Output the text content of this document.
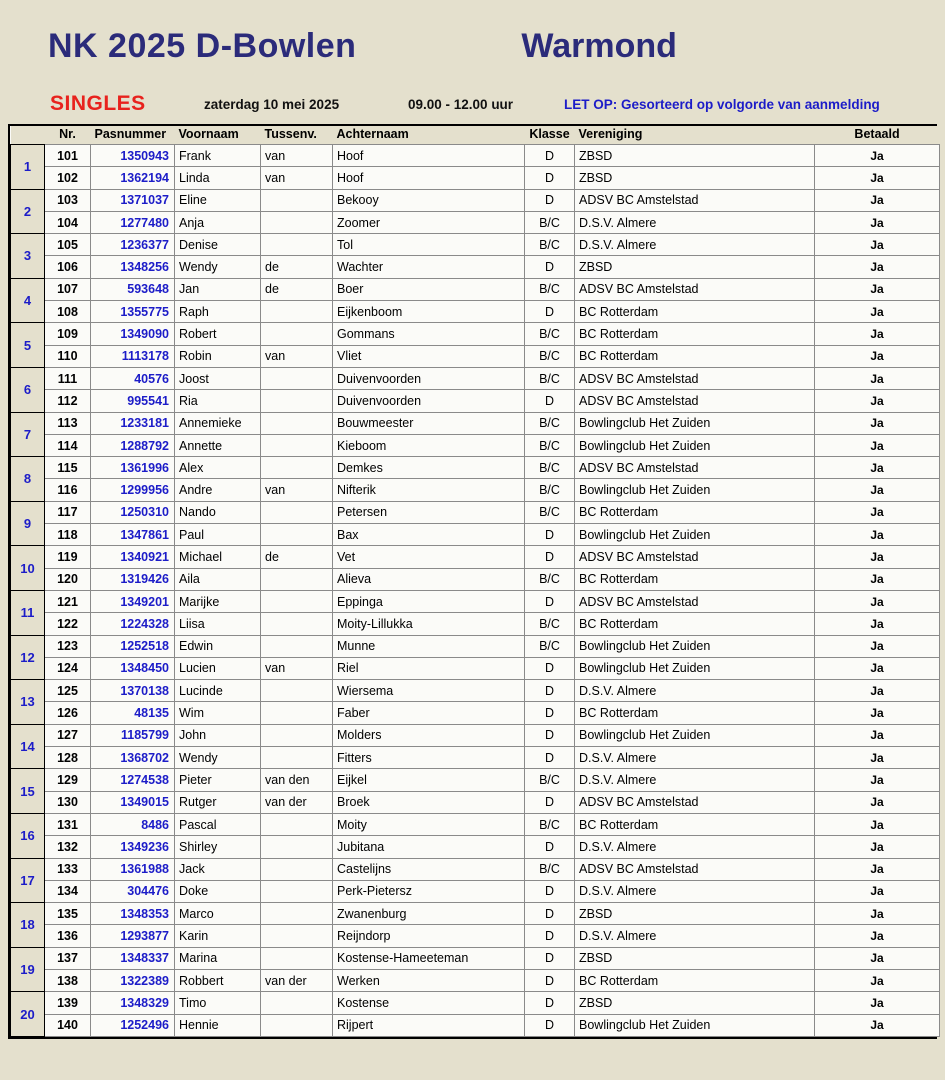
NK 2025 D-Bowlen	Warmond
SINGLES	zaterdag 10 mei 2025	09.00 - 12.00 uur	LET OP: Gesorteerd op volgorde van aanmelding
	Nr.	Pasnummer	Voornaam	Tussenv.	Achternaam	Klasse	Vereniging	Betaald
1	101	1350943	Frank	van	Hoof	D	ZBSD	Ja
	102	1362194	Linda	van	Hoof	D	ZBSD	Ja
2	103	1371037	Eline		Bekooy	D	ADSV BC Amstelstad	Ja
	104	1277480	Anja		Zoomer	B/C	D.S.V. Almere	Ja
3	105	1236377	Denise		Tol	B/C	D.S.V. Almere	Ja
	106	1348256	Wendy	de	Wachter	D	ZBSD	Ja
4	107	593648	Jan	de	Boer	B/C	ADSV BC Amstelstad	Ja
	108	1355775	Raph		Eijkenboom	D	BC Rotterdam	Ja
5	109	1349090	Robert		Gommans	B/C	BC Rotterdam	Ja
	110	1113178	Robin	van	Vliet	B/C	BC Rotterdam	Ja
6	111	40576	Joost		Duivenvoorden	B/C	ADSV BC Amstelstad	Ja
	112	995541	Ria		Duivenvoorden	D	ADSV BC Amstelstad	Ja
7	113	1233181	Annemieke		Bouwmeester	B/C	Bowlingclub Het Zuiden	Ja
	114	1288792	Annette		Kieboom	B/C	Bowlingclub Het Zuiden	Ja
8	115	1361996	Alex		Demkes	B/C	ADSV BC Amstelstad	Ja
	116	1299956	Andre	van	Nifterik	B/C	Bowlingclub Het Zuiden	Ja
9	117	1250310	Nando		Petersen	B/C	BC Rotterdam	Ja
	118	1347861	Paul		Bax	D	Bowlingclub Het Zuiden	Ja
10	119	1340921	Michael	de	Vet	D	ADSV BC Amstelstad	Ja
	120	1319426	Aila		Alieva	B/C	BC Rotterdam	Ja
11	121	1349201	Marijke		Eppinga	D	ADSV BC Amstelstad	Ja
	122	1224328	Liisa		Moity-Lillukka	B/C	BC Rotterdam	Ja
12	123	1252518	Edwin		Munne	B/C	Bowlingclub Het Zuiden	Ja
	124	1348450	Lucien	van	Riel	D	Bowlingclub Het Zuiden	Ja
13	125	1370138	Lucinde		Wiersema	D	D.S.V. Almere	Ja
	126	48135	Wim		Faber	D	BC Rotterdam	Ja
14	127	1185799	John		Molders	D	Bowlingclub Het Zuiden	Ja
	128	1368702	Wendy		Fitters	D	D.S.V. Almere	Ja
15	129	1274538	Pieter	van den	Eijkel	B/C	D.S.V. Almere	Ja
	130	1349015	Rutger	van der	Broek	D	ADSV BC Amstelstad	Ja
16	131	8486	Pascal		Moity	B/C	BC Rotterdam	Ja
	132	1349236	Shirley		Jubitana	D	D.S.V. Almere	Ja
17	133	1361988	Jack		Castelijns	B/C	ADSV BC Amstelstad	Ja
	134	304476	Doke		Perk-Pietersz	D	D.S.V. Almere	Ja
18	135	1348353	Marco		Zwanenburg	D	ZBSD	Ja
	136	1293877	Karin		Reijndorp	D	D.S.V. Almere	Ja
19	137	1348337	Marina		Kostense-Hameeteman	D	ZBSD	Ja
	138	1322389	Robbert	van der	Werken	D	BC Rotterdam	Ja
20	139	1348329	Timo		Kostense	D	ZBSD	Ja
	140	1252496	Hennie		Rijpert	D	Bowlingclub Het Zuiden	Ja
